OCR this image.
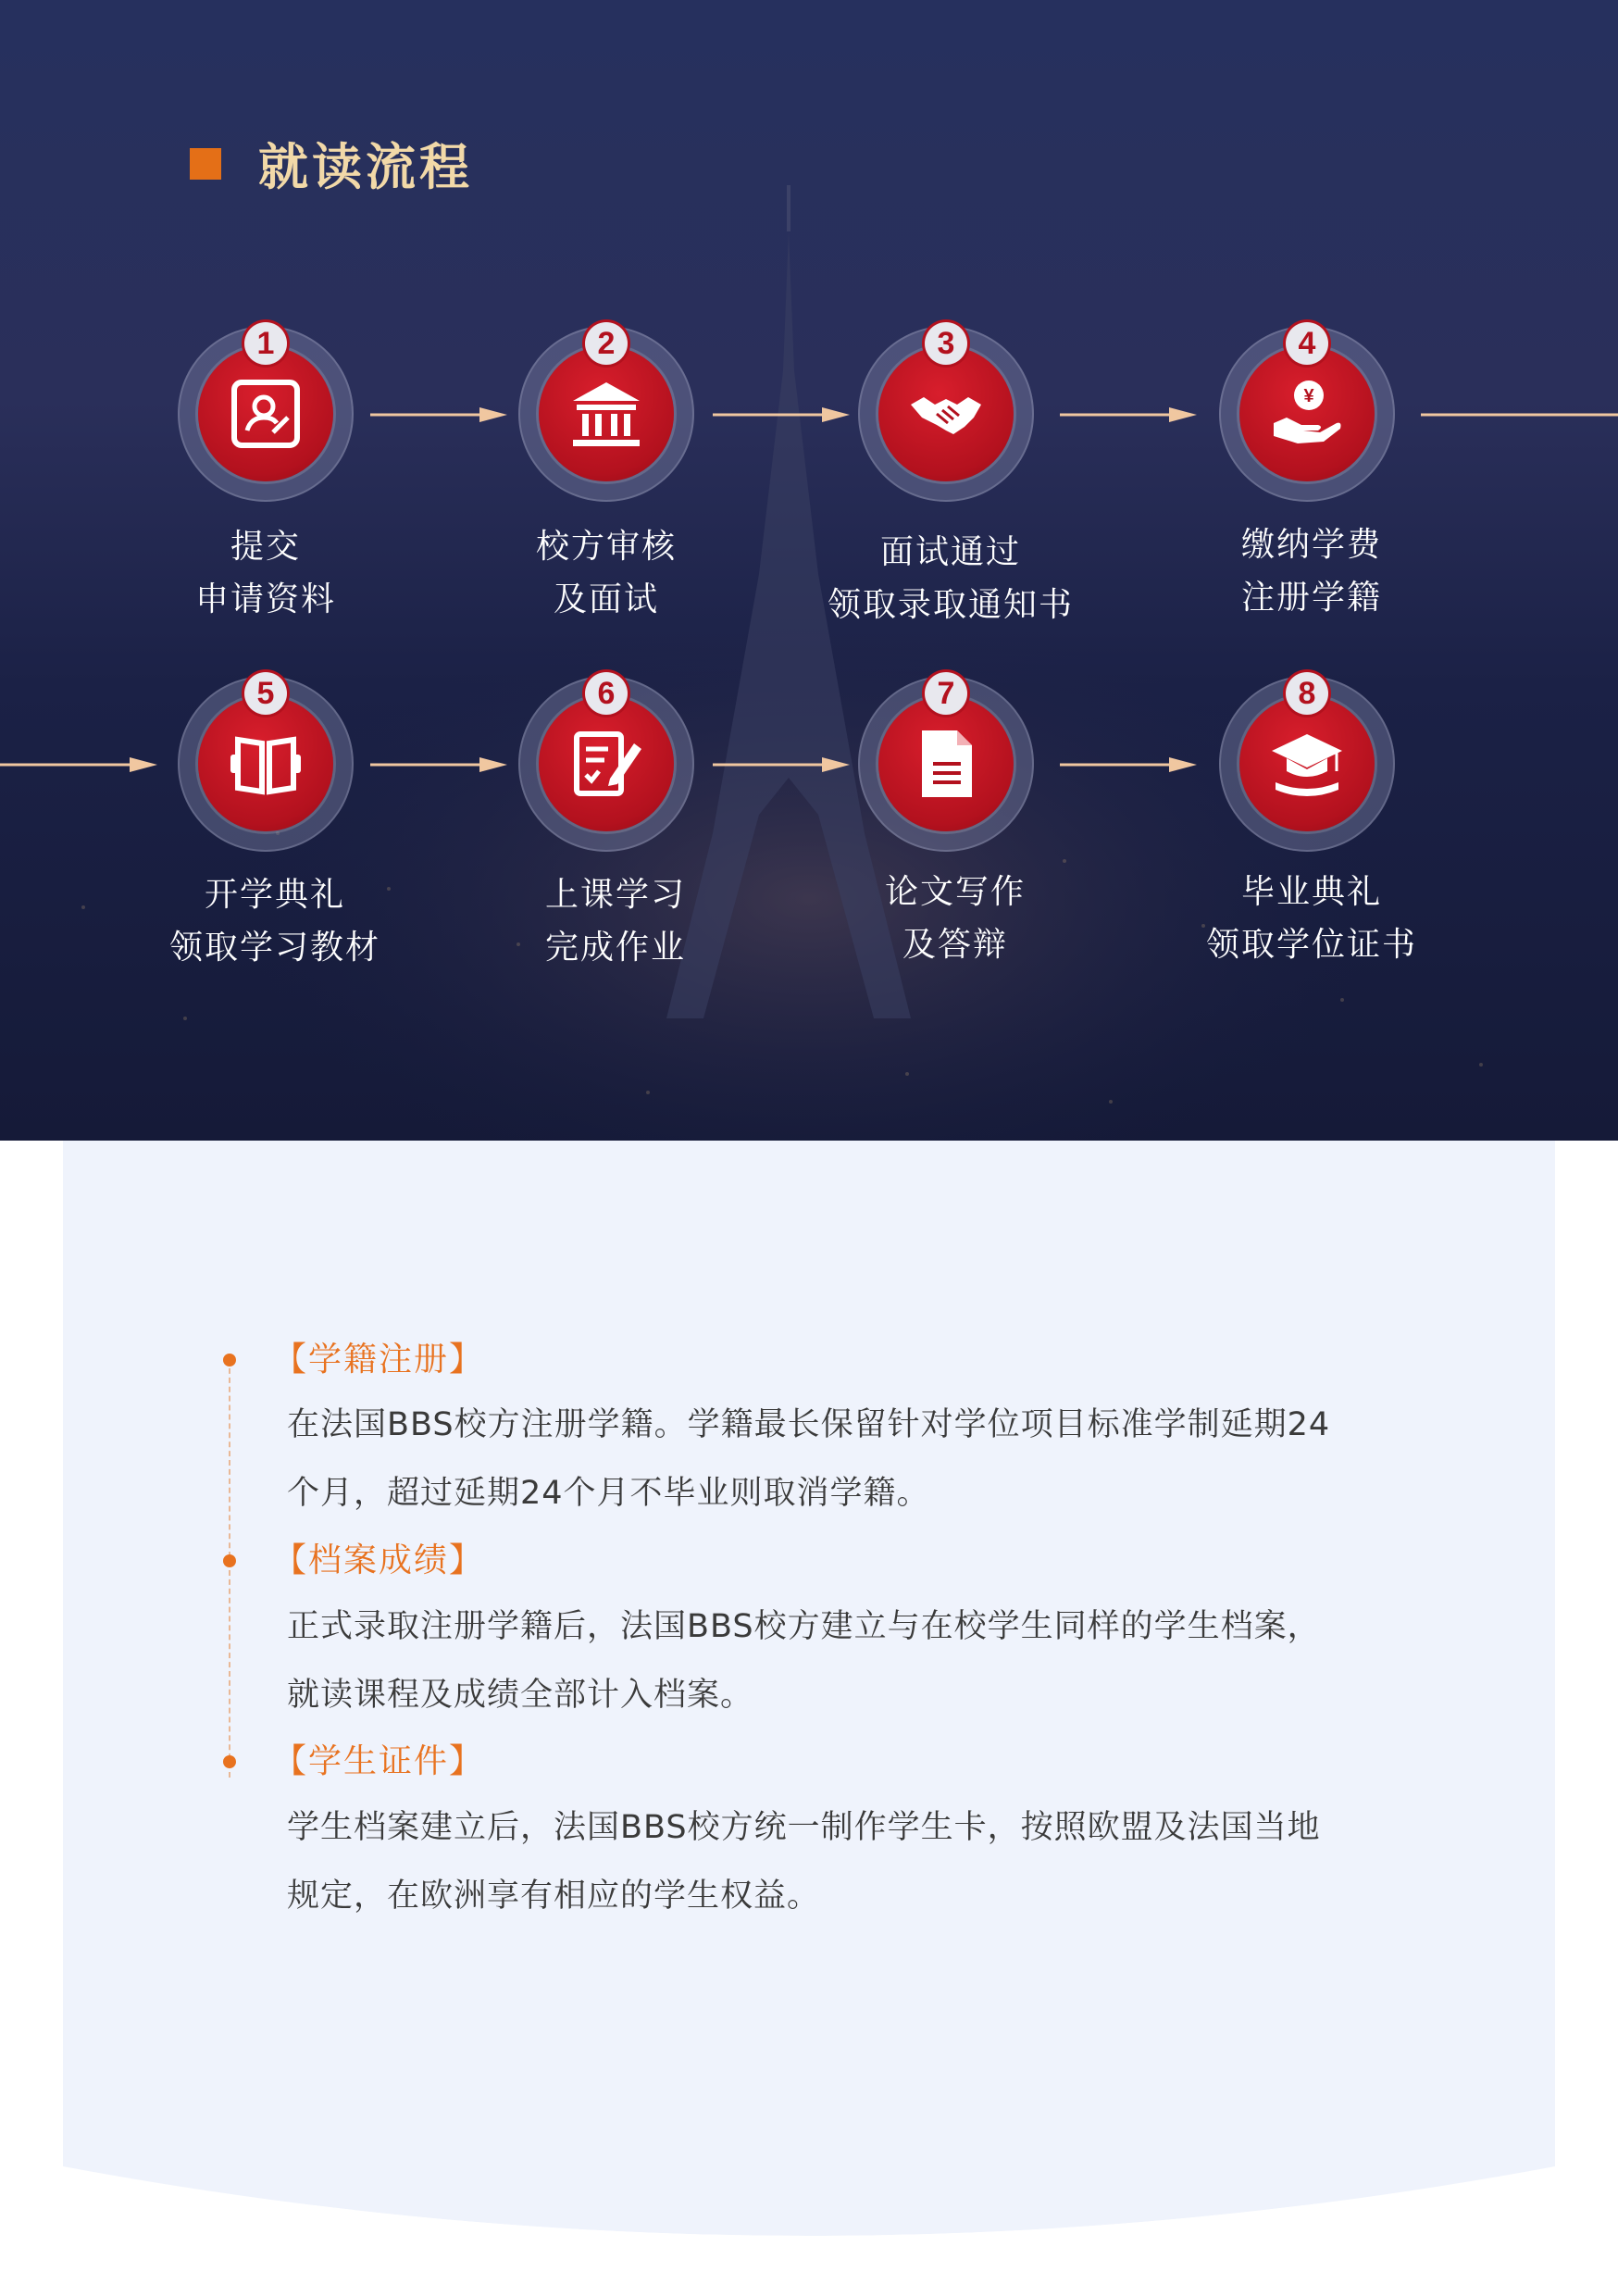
就读流程
1
提交
申请资料
2
校方审核
及面试
3
面试通过
领取录取通知书
¥
4
缴纳学费
注册学籍
5
开学典礼
领取学习教材
6
上课学习
完成作业
7
论文写作
及答辩
8
毕业典礼
领取学位证书
【学籍注册】
在法国BBS校方注册学籍。学籍最长保留针对学位项目标准学制延期24
个月，超过延期24个月不毕业则取消学籍。
【档案成绩】
正式录取注册学籍后，法国BBS校方建立与在校学生同样的学生档案，
就读课程及成绩全部计入档案。
【学生证件】
学生档案建立后，法国BBS校方统一制作学生卡，按照欧盟及法国当地
规定，在欧洲享有相应的学生权益。
